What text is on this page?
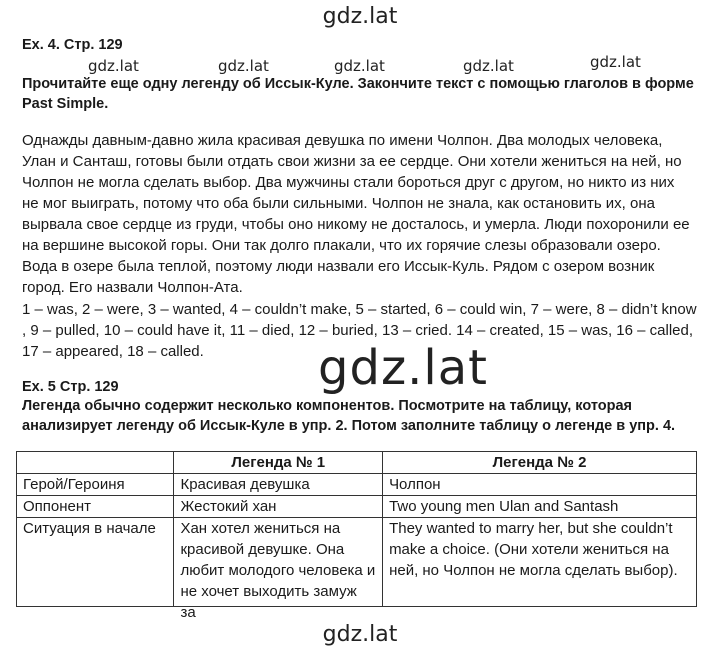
gdz.lat
gdz.lat	gdz.lat	gdz.lat	gdz.lat	gdz.lat
Ex. 4. Стр. 129
Прочитайте еще одну легенду об Иссык-Куле. Закончите текст с помощью глаголов в форме Past Simple.
Однажды давным-давно жила красивая девушка по имени Чолпон. Два молодых человека, Улан и Санташ, готовы были отдать свои жизни за ее сердце. Они хотели жениться на ней, но Чолпон не могла сделать выбор. Два мужчины стали бороться друг с другом, но никто из них не мог выиграть, потому что оба были сильными. Чолпон не знала, как остановить их, она вырвала свое сердце из груди, чтобы оно никому не досталось, и умерла. Люди похоронили ее на вершине высокой горы. Они так долго плакали, что их горячие слезы образовали озеро. Вода в озере была теплой, поэтому люди назвали его Иссык-Куль. Рядом с озером возник город. Его назвали Чолпон-Ата.
1 – was, 2 – were, 3 – wanted, 4 – couldn’t make, 5 – started, 6 – could win, 7 – were, 8 – didn’t know , 9 – pulled, 10 – could have it, 11 – died, 12 – buried, 13 – cried. 14 – created, 15 – was, 16 – called, 17 – appeared, 18 – called.	gdz.lat
Ex. 5 Стр. 129
Легенда обычно содержит несколько компонентов. Посмотрите на таблицу, которая анализирует легенду об Иссык-Куле в упр. 2. Потом заполните таблицу о легенде в упр. 4.
	Легенда № 1	Легенда № 2
Герой/Героиня	Красивая девушка	Чолпон
Оппонент	Жестокий хан	Two young men Ulan and Santash
Ситуация в начале	Хан хотел жениться на красивой девушке. Она любит молодого человека и не хочет выходить замуж за	They wanted to marry her, but she couldn’t make a choice. (Они хотели жениться на ней, но Чолпон не могла сделать выбор).
gdz.lat
